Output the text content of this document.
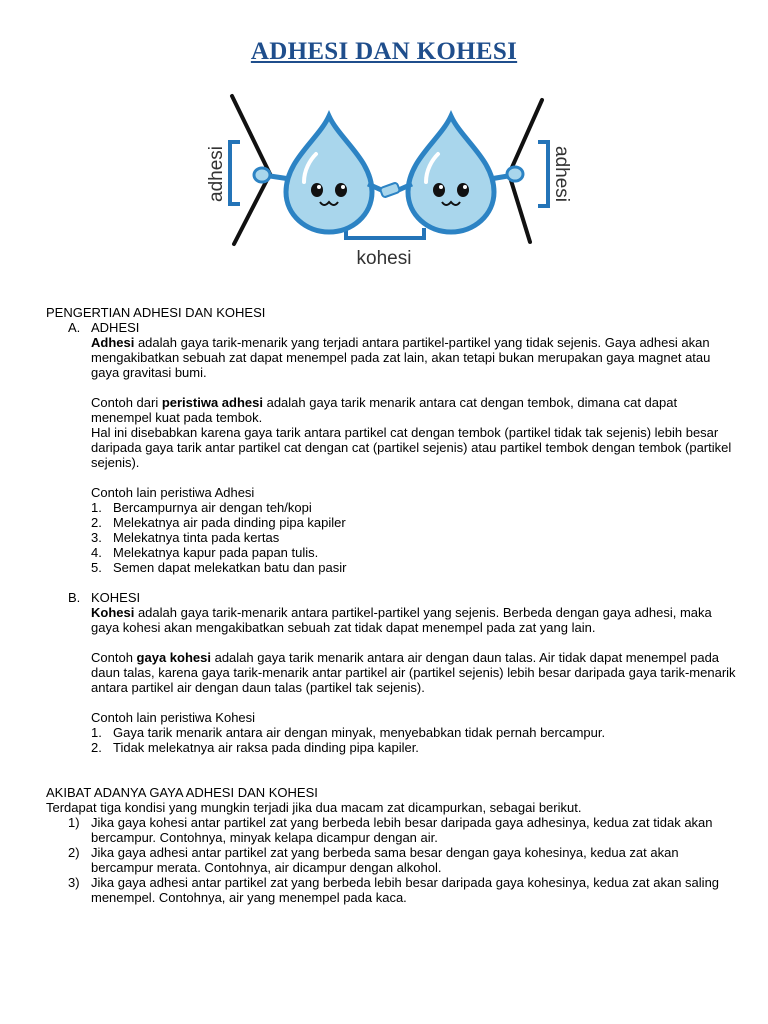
ADHESI DAN KOHESI
adhesi	adhesi
kohesi
PENGERTIAN ADHESI DAN KOHESI
A. ADHESI

Adhesi adalah gaya tarik-menarik yang terjadi antara partikel-partikel yang tidak sejenis. Gaya adhesi akan mengakibatkan sebuah zat dapat menempel pada zat lain, akan tetapi bukan merupakan gaya magnet atau gaya gravitasi bumi.

Contoh dari peristiwa adhesi adalah gaya tarik menarik antara cat dengan tembok, dimana cat dapat menempel kuat pada tembok.

Hal ini disebabkan karena gaya tarik antara partikel cat dengan tembok (partikel tidak tak sejenis) lebih besar daripada gaya tarik antar partikel cat dengan cat (partikel sejenis) atau partikel tembok dengan tembok (partikel sejenis).

Contoh lain peristiwa Adhesi

1. Bercampurnya air dengan teh/kopi
2. Melekatnya air pada dinding pipa kapiler
3. Melekatnya tinta pada kertas
4. Melekatnya kapur pada papan tulis.
5. Semen dapat melekatkan batu dan pasir
B. KOHESI

Kohesi adalah gaya tarik-menarik antara partikel-partikel yang sejenis. Berbeda dengan gaya adhesi, maka gaya kohesi akan mengakibatkan sebuah zat tidak dapat menempel pada zat yang lain.

Contoh gaya kohesi adalah gaya tarik menarik antara air dengan daun talas. Air tidak dapat menempel pada daun talas, karena gaya tarik-menarik antar partikel air (partikel sejenis) lebih besar daripada gaya tarik-menarik antara partikel air dengan daun talas (partikel tak sejenis).

Contoh lain peristiwa Kohesi

1. Gaya tarik menarik antara air dengan minyak, menyebabkan tidak pernah bercampur.
2. Tidak melekatnya air raksa pada dinding pipa kapiler.
AKIBAT ADANYA GAYA ADHESI DAN KOHESI

Terdapat tiga kondisi yang mungkin terjadi jika dua macam zat dicampurkan, sebagai berikut.

1) Jika gaya kohesi antar partikel zat yang berbeda lebih besar daripada gaya adhesinya, kedua zat tidak akan bercampur. Contohnya, minyak kelapa dicampur dengan air.
2) Jika gaya adhesi antar partikel zat yang berbeda sama besar dengan gaya kohesinya, kedua zat akan bercampur merata. Contohnya, air dicampur dengan alkohol.
3) Jika gaya adhesi antar partikel zat yang berbeda lebih besar daripada gaya kohesinya, kedua zat akan saling menempel. Contohnya, air yang menempel pada kaca.
